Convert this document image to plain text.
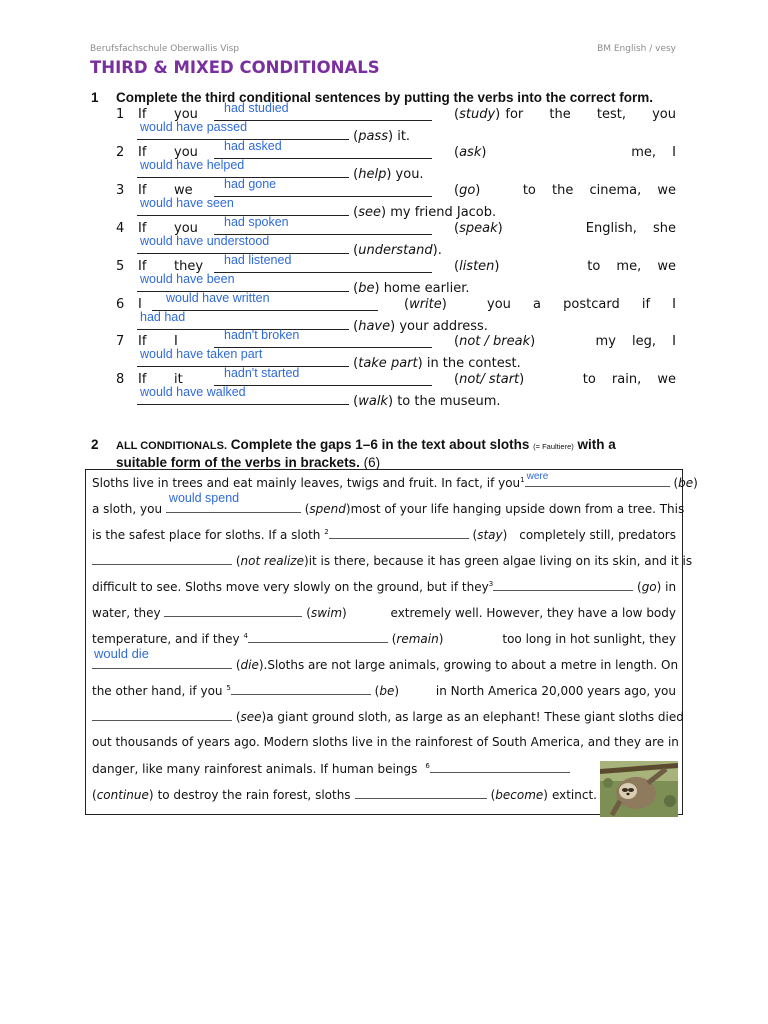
Berufsfachschule Oberwallis Visp	BM English / vesy
THIRD & MIXED CONDITIONALS
1 Complete the third conditional sentences by putting the verbs into the correct form.
1 If you had studied	(study) for the test, you
would have passed
(pass) it.
2 If you had asked	(ask)	me, I
would have helped
(help) you.
3 If we	had gone	(go)	to the cinema, we
would have seen
(see) my friend Jacob.
4 If you had spoken	(speak)	English, she
would have understood
(understand).
5 If they had listened	(listen)	to me, we
would have been
(be) home earlier.
6 I would have written	(write)	you a postcard if I
had had
(have) your address.
7 If I	hadn't broken	(not / break)	my leg, I
would have taken part
(take part) in the contest.
8 If it	hadn't started	(not/ start)	to rain, we
would have walked
(walk) to the museum.
2 ALL CONDITIONALS. Complete the gaps 1–6 in the text about sloths (= Faultiere) with a
suitable form of the verbs in brackets. (6)
Sloths live in trees and eat mainly leaves, twigs and fruit. In fact, if you $^1$ were	(be)
a sloth, you
would spend
(spend) most of your life hanging upside down from a tree. This
is the safest place for sloths. If a sloth $^2$	(stay) completely still, predators
(not realize) it is there, because it has green algae living on its skin, and it is
difficult to see. Sloths move very slowly on the ground, but if they $^3$	(go) in
water, they	(swim)	extremely well. However, they have a low body
temperature, and if they $^4$	(remain)	too long in hot sunlight, they
would die
(die). Sloths are not large animals, growing to about a metre in length. On
the other hand, if you $^5$	(be)	in North America 20,000 years ago, you
(see) a giant ground sloth, as large as an elephant! These giant sloths died
out thousands of years ago. Modern sloths live in the rainforest of South America, and they are in
danger, like many rainforest animals. If human beings $^6$
(continue) to destroy the rain forest, sloths	(become) extinct.
